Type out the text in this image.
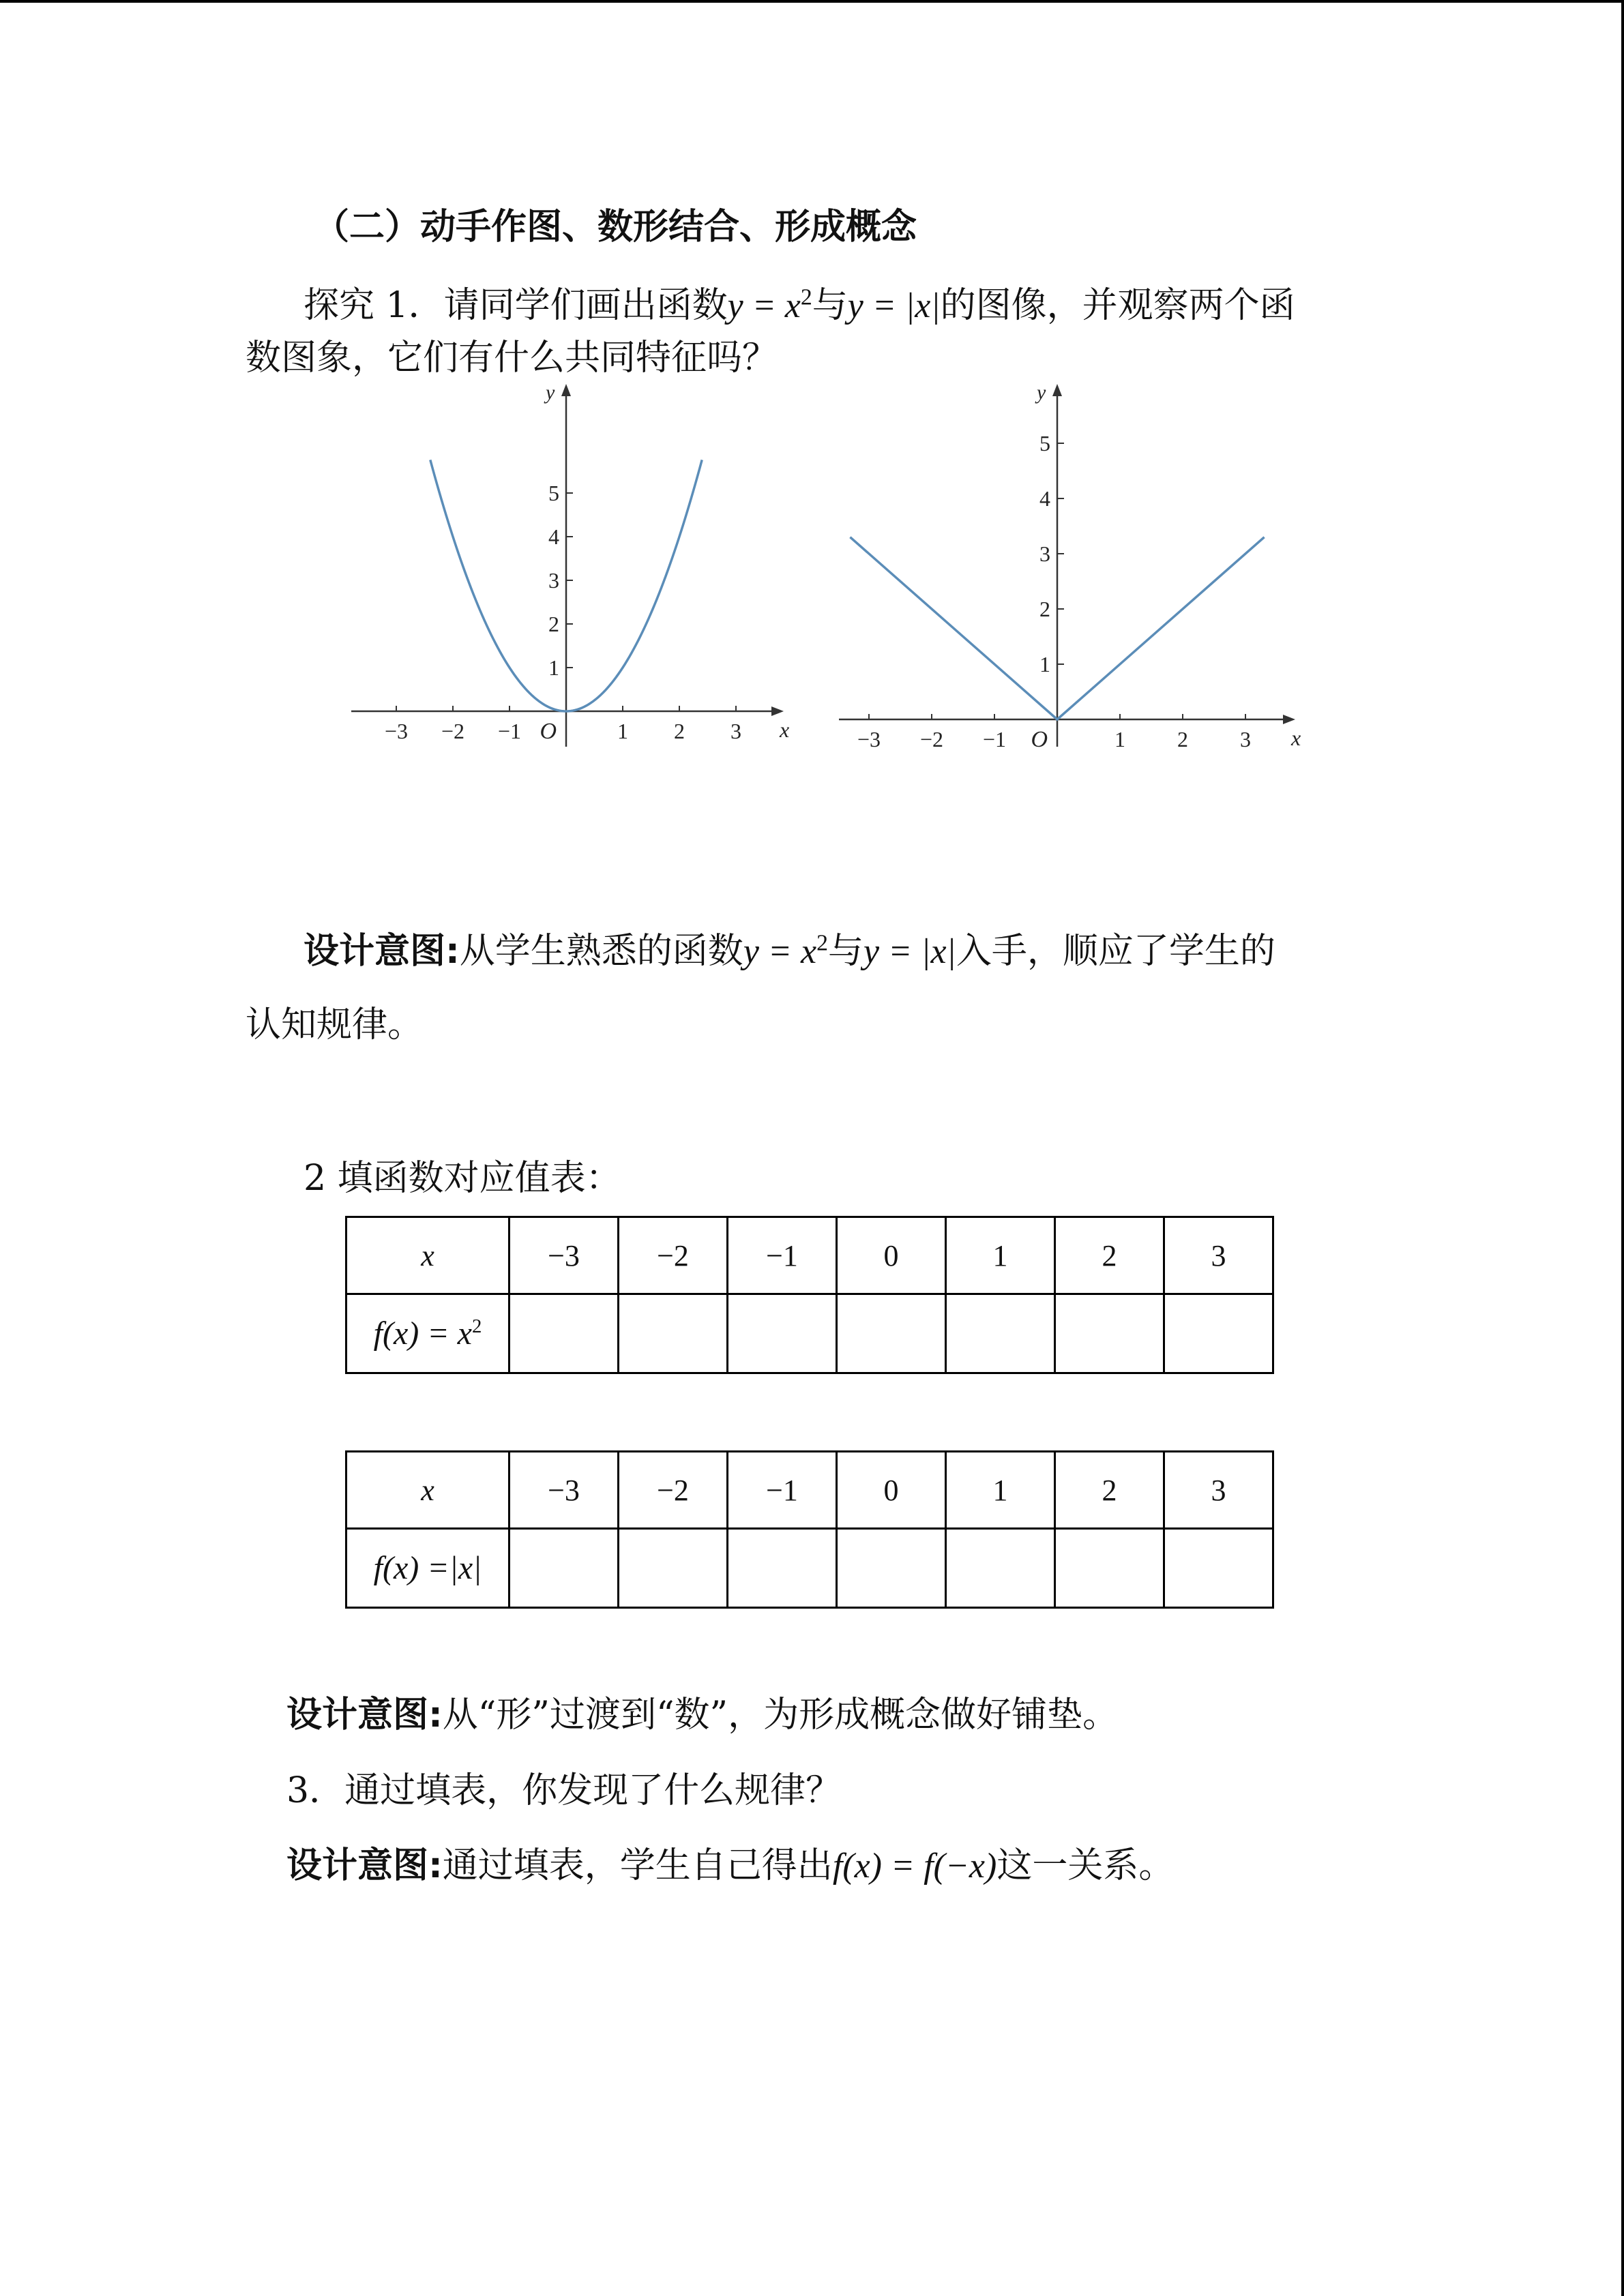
（二）动手作图、数形结合、形成概念
探究 1．请同学们画出函数$y = x^2$与y = |x|的图像，并观察两个函
数图象，它们有什么共同特征吗？
−3 −2 −1	1 2 3
1
2
3
4
5
x
y
O	−3 −2 −1	1 2 3
1
2
3
4
5
x
y
O
设计意图:从学生熟悉的函数$y = x^2$与y = |x|入手，顺应了学生的
认知规律。
2 填函数对应值表：
x	−3	−2	−1	0	1	2	3
$f(x) = x^2$							
x	−3	−2	−1	0	1	2	3
f(x) =|x|							
设计意图:从“形”过渡到“数”，为形成概念做好铺垫。
3．通过填表，你发现了什么规律？
设计意图:通过填表，学生自己得出f(x) = f(−x)这一关系。
